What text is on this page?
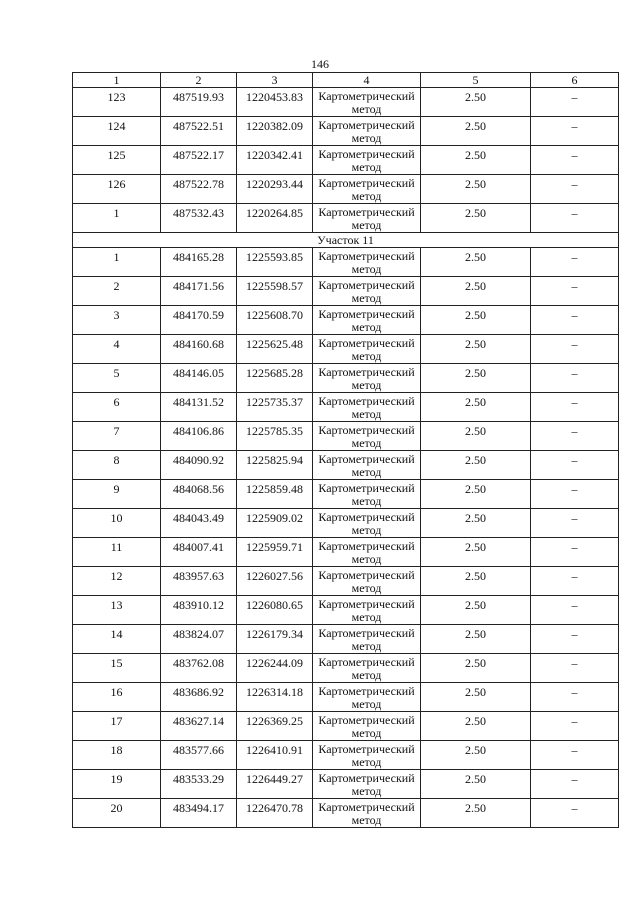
146
1	2	3	4	5	6
123	487519.93	1220453.83	Картометрический метод	2.50	–
124	487522.51	1220382.09	Картометрический метод	2.50	–
125	487522.17	1220342.41	Картометрический метод	2.50	–
126	487522.78	1220293.44	Картометрический метод	2.50	–
1	487532.43	1220264.85	Картометрический метод	2.50	–
Участок 11					
1	484165.28	1225593.85	Картометрический метод	2.50	–
2	484171.56	1225598.57	Картометрический метод	2.50	–
3	484170.59	1225608.70	Картометрический метод	2.50	–
4	484160.68	1225625.48	Картометрический метод	2.50	–
5	484146.05	1225685.28	Картометрический метод	2.50	–
6	484131.52	1225735.37	Картометрический метод	2.50	–
7	484106.86	1225785.35	Картометрический метод	2.50	–
8	484090.92	1225825.94	Картометрический метод	2.50	–
9	484068.56	1225859.48	Картометрический метод	2.50	–
10	484043.49	1225909.02	Картометрический метод	2.50	–
11	484007.41	1225959.71	Картометрический метод	2.50	–
12	483957.63	1226027.56	Картометрический метод	2.50	–
13	483910.12	1226080.65	Картометрический метод	2.50	–
14	483824.07	1226179.34	Картометрический метод	2.50	–
15	483762.08	1226244.09	Картометрический метод	2.50	–
16	483686.92	1226314.18	Картометрический метод	2.50	–
17	483627.14	1226369.25	Картометрический метод	2.50	–
18	483577.66	1226410.91	Картометрический метод	2.50	–
19	483533.29	1226449.27	Картометрический метод	2.50	–
20	483494.17	1226470.78	Картометрический метод	2.50	–
